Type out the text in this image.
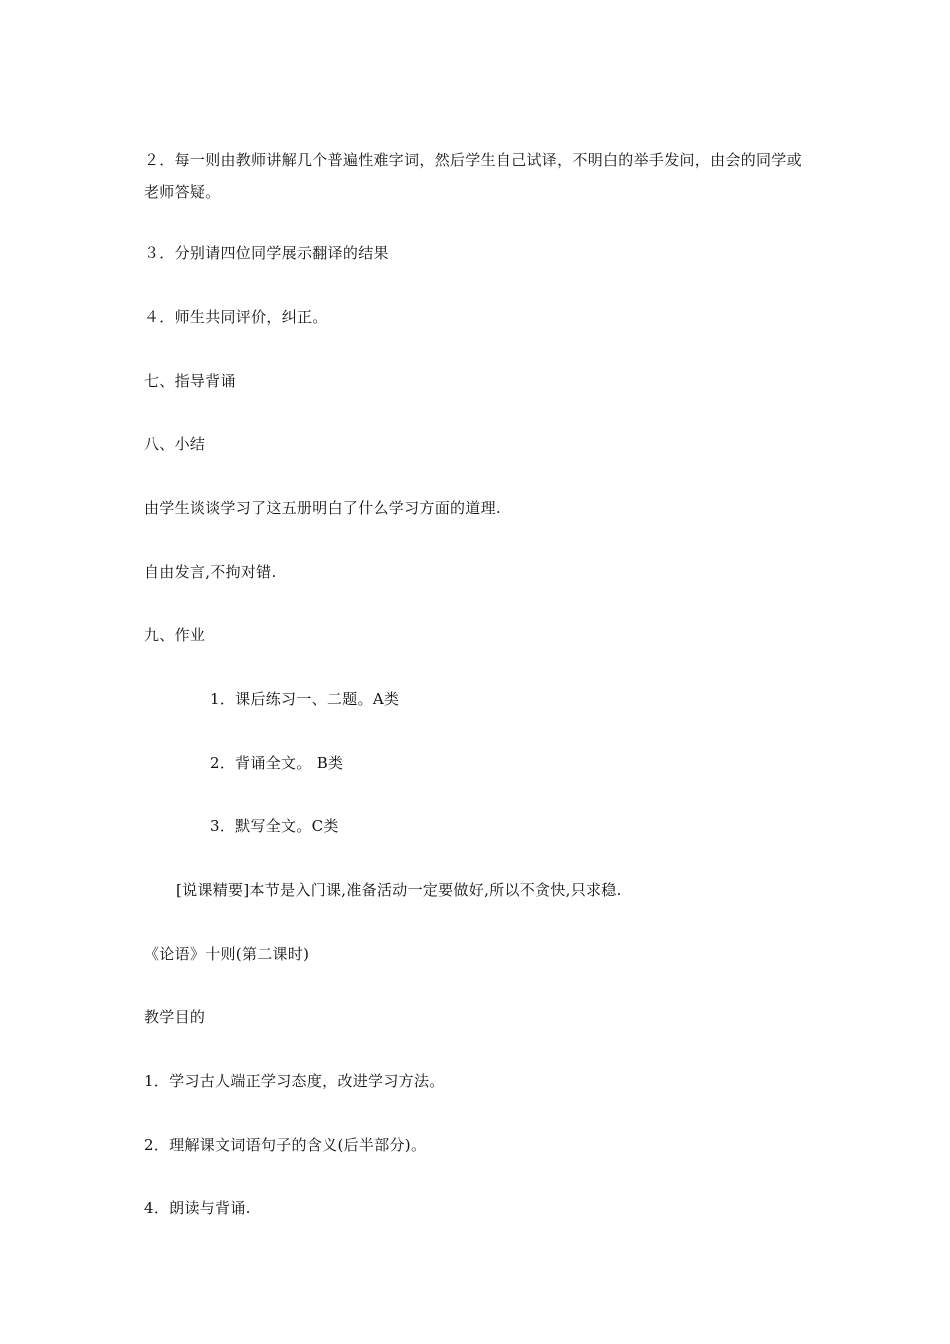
２．每一则由教师讲解几个普遍性难字词，然后学生自己试译，不明白的举手发问，由会的同学或老师答疑。
３．分别请四位同学展示翻译的结果
４．师生共同评价，纠正。
七、指导背诵
八、小结
由学生谈谈学习了这五册明白了什么学习方面的道理.
自由发言,不拘对错.
九、作业
1．课后练习一、二题。A类
2．背诵全文。 B类
3．默写全文。C类
[说课精要]本节是入门课,准备活动一定要做好,所以不贪快,只求稳.
《论语》十则(第二课时)
教学目的
1．学习古人端正学习态度，改进学习方法。
2．理解课文词语句子的含义(后半部分)。
4．朗读与背诵.
